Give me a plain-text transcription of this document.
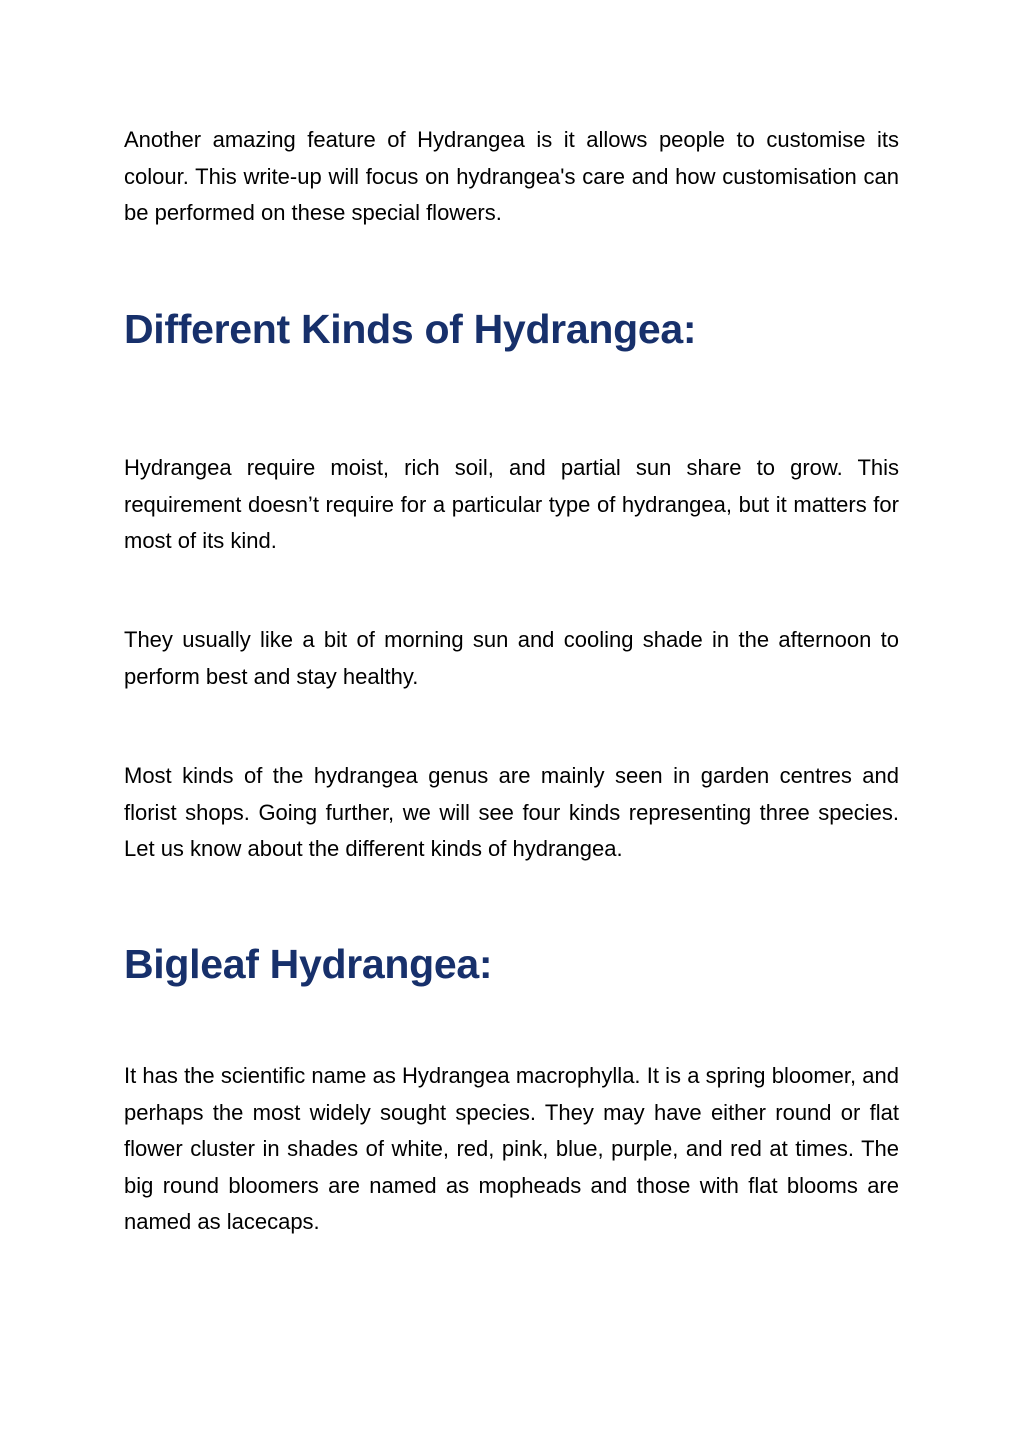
Another amazing feature of Hydrangea is it allows people to customise its colour. This write-up will focus on hydrangea's care and how customisation can be performed on these special flowers.

Different Kinds of Hydrangea:

Hydrangea require moist, rich soil, and partial sun share to grow. This requirement doesn’t require for a particular type of hydrangea, but it matters for most of its kind.

They usually like a bit of morning sun and cooling shade in the afternoon to perform best and stay healthy.

Most kinds of the hydrangea genus are mainly seen in garden centres and florist shops. Going further, we will see four kinds representing three species. Let us know about the different kinds of hydrangea.

Bigleaf Hydrangea:

It has the scientific name as Hydrangea macrophylla. It is a spring bloomer, and perhaps the most widely sought species. They may have either round or flat flower cluster in shades of white, red, pink, blue, purple, and red at times. The big round bloomers are named as mopheads and those with flat blooms are named as lacecaps.
